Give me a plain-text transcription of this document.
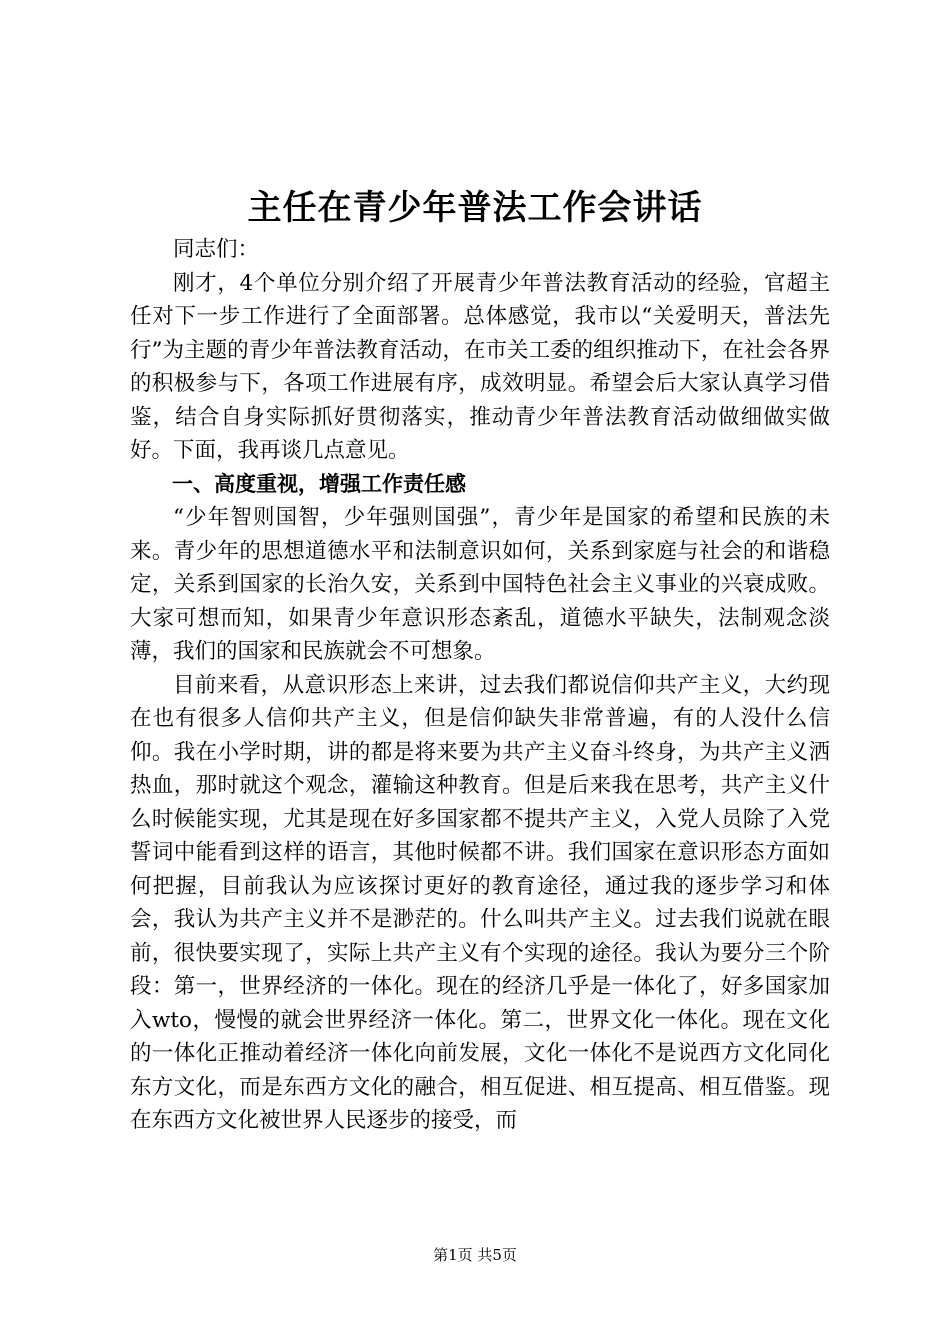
主任在青少年普法工作会讲话

同志们：

刚才，4个单位分别介绍了开展青少年普法教育活动的经验，官超主任对下一步工作进行了全面部署。总体感觉，我市以“关爱明天，普法先行”为主题的青少年普法教育活动，在市关工委的组织推动下，在社会各界的积极参与下，各项工作进展有序，成效明显。希望会后大家认真学习借鉴，结合自身实际抓好贯彻落实，推动青少年普法教育活动做细做实做好。下面，我再谈几点意见。

一、高度重视，增强工作责任感

“少年智则国智，少年强则国强”，青少年是国家的希望和民族的未来。青少年的思想道德水平和法制意识如何，关系到家庭与社会的和谐稳定，关系到国家的长治久安，关系到中国特色社会主义事业的兴衰成败。大家可想而知，如果青少年意识形态紊乱，道德水平缺失，法制观念淡薄，我们的国家和民族就会不可想象。

目前来看，从意识形态上来讲，过去我们都说信仰共产主义，大约现在也有很多人信仰共产主义，但是信仰缺失非常普遍，有的人没什么信仰。我在小学时期，讲的都是将来要为共产主义奋斗终身，为共产主义洒热血，那时就这个观念，灌输这种教育。但是后来我在思考，共产主义什么时候能实现，尤其是现在好多国家都不提共产主义，入党人员除了入党誓词中能看到这样的语言，其他时候都不讲。我们国家在意识形态方面如何把握，目前我认为应该探讨更好的教育途径，通过我的逐步学习和体会，我认为共产主义并不是渺茫的。什么叫共产主义。过去我们说就在眼前，很快要实现了，实际上共产主义有个实现的途径。我认为要分三个阶段：第一，世界经济的一体化。现在的经济几乎是一体化了，好多国家加入wto，慢慢的就会世界经济一体化。第二，世界文化一体化。现在文化的一体化正推动着经济一体化向前发展，文化一体化不是说西方文化同化东方文化，而是东西方文化的融合，相互促进、相互提高、相互借鉴。现在东西方文化被世界人民逐步的接受，而

第1页 共5页
